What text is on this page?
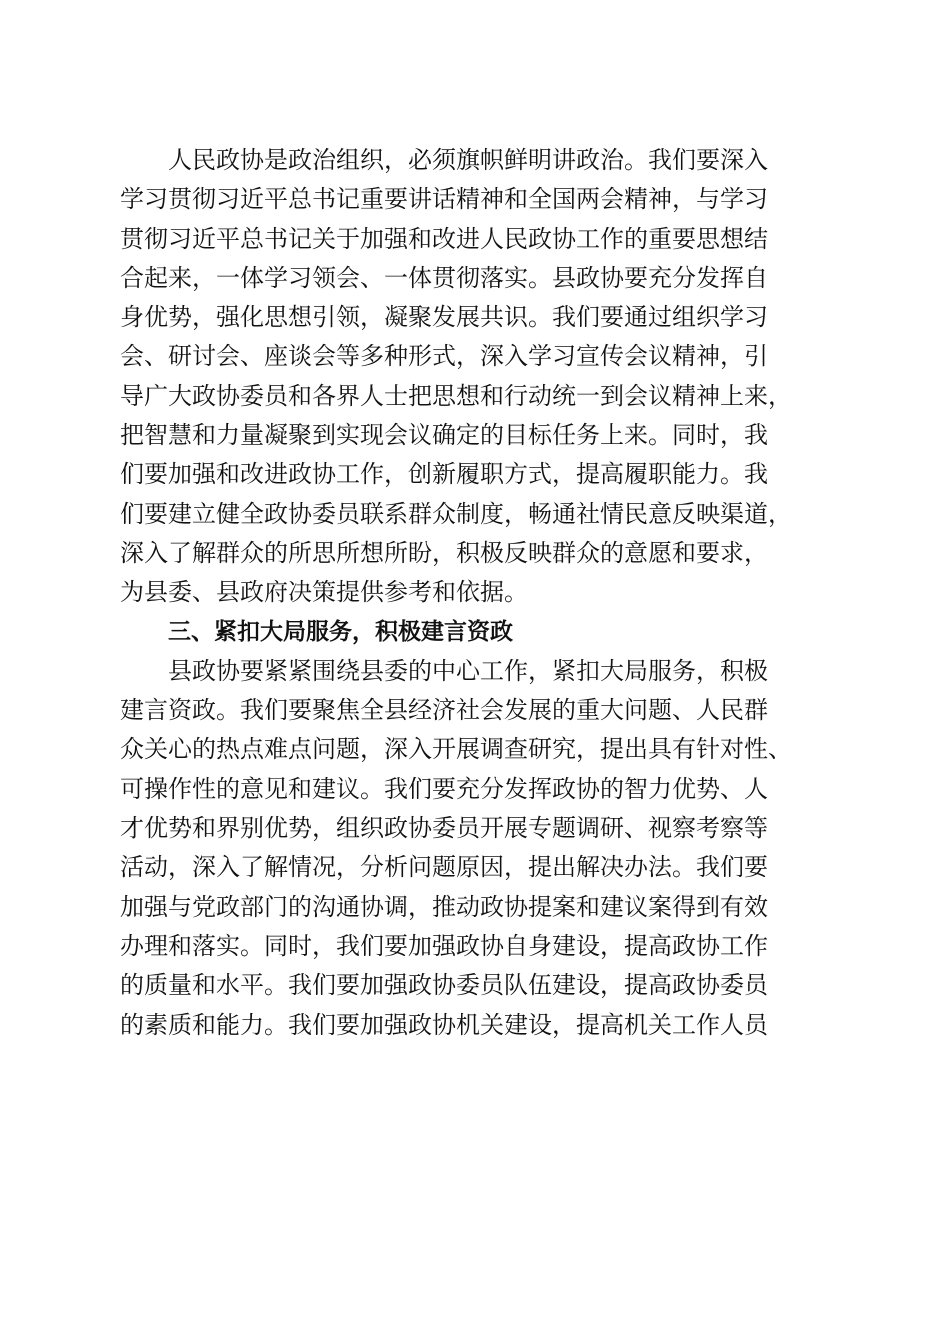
人民政协是政治组织，必须旗帜鲜明讲政治。我们要深入
学习贯彻习近平总书记重要讲话精神和全国两会精神，与学习
贯彻习近平总书记关于加强和改进人民政协工作的重要思想结
合起来，一体学习领会、一体贯彻落实。县政协要充分发挥自
身优势，强化思想引领，凝聚发展共识。我们要通过组织学习
会、研讨会、座谈会等多种形式，深入学习宣传会议精神，引
导广大政协委员和各界人士把思想和行动统一到会议精神上来，
把智慧和力量凝聚到实现会议确定的目标任务上来。同时，我
们要加强和改进政协工作，创新履职方式，提高履职能力。我
们要建立健全政协委员联系群众制度，畅通社情民意反映渠道，
深入了解群众的所思所想所盼，积极反映群众的意愿和要求，
为县委、县政府决策提供参考和依据。
三、紧扣大局服务，积极建言资政
县政协要紧紧围绕县委的中心工作，紧扣大局服务，积极
建言资政。我们要聚焦全县经济社会发展的重大问题、人民群
众关心的热点难点问题，深入开展调查研究，提出具有针对性、
可操作性的意见和建议。我们要充分发挥政协的智力优势、人
才优势和界别优势，组织政协委员开展专题调研、视察考察等
活动，深入了解情况，分析问题原因，提出解决办法。我们要
加强与党政部门的沟通协调，推动政协提案和建议案得到有效
办理和落实。同时，我们要加强政协自身建设，提高政协工作
的质量和水平。我们要加强政协委员队伍建设，提高政协委员
的素质和能力。我们要加强政协机关建设，提高机关工作人员
